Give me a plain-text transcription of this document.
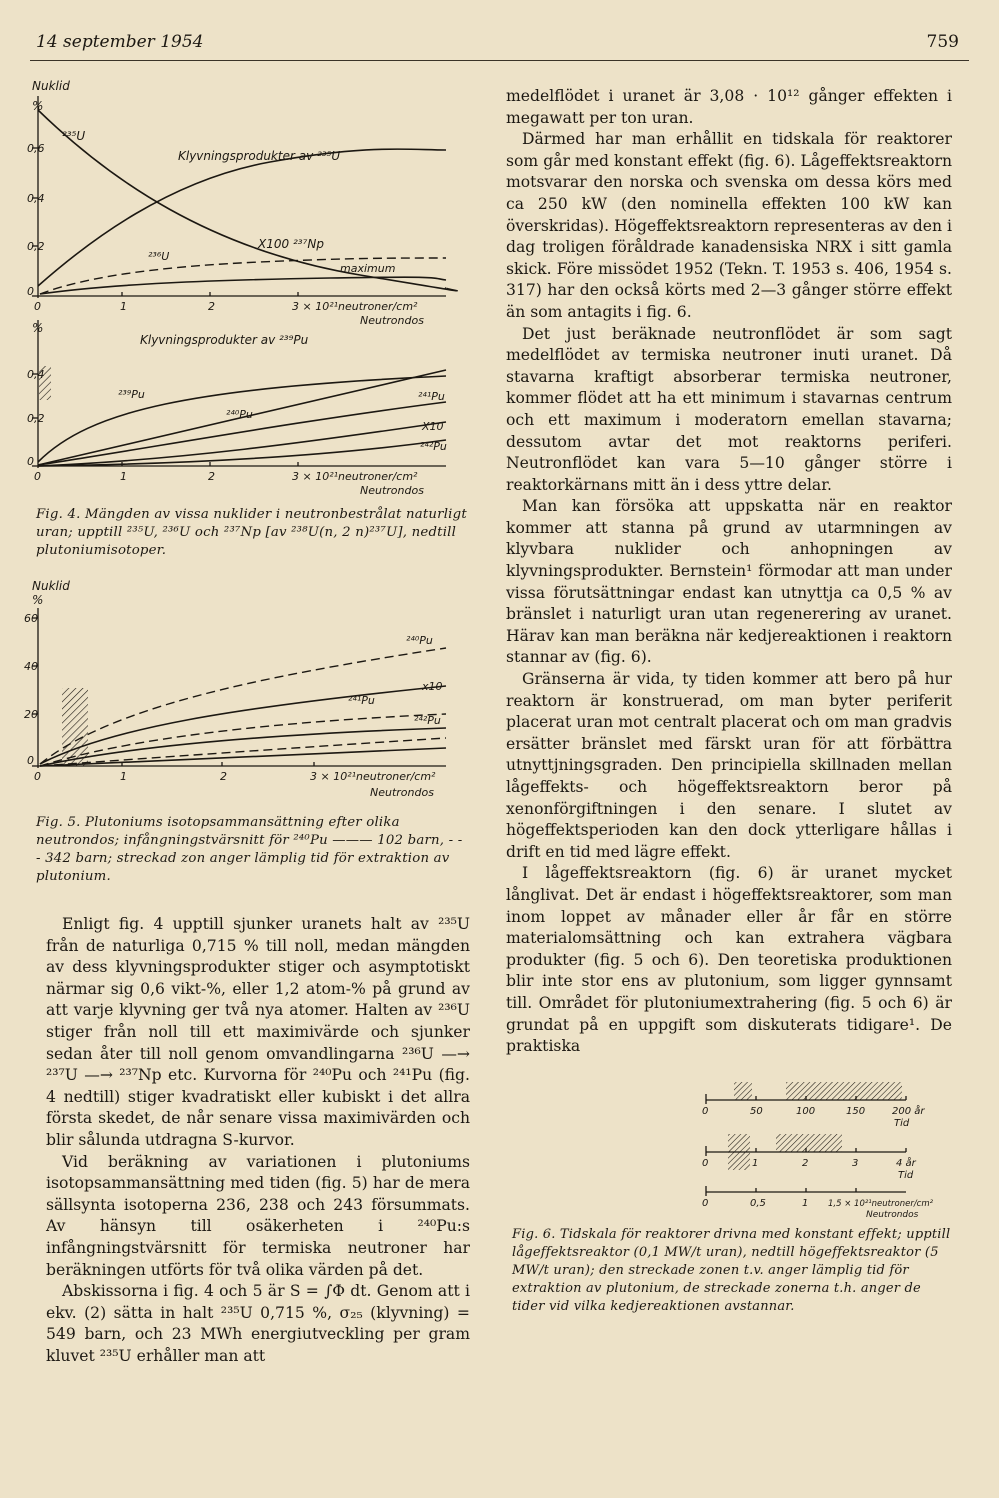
14 september 1954	759
Nuklid
%
0,6
0,4
0,2
0
0	1	2	3 × 10²¹neutroner/cm²
Neutrondos
²³⁵U
Klyvningsprodukter av ²³⁵U
²³⁶U
X100 ²³⁷Np
maximum
%
0,4
0,2
0
0	1	2	3 × 10²¹neutroner/cm²
Neutrondos
Klyvningsprodukter av ²³⁹Pu
²³⁹Pu
²⁴⁰Pu
²⁴¹Pu
X10
²⁴²Pu
Fig. 4. Mängden av vissa nuklider i neutronbestrålat naturligt uran; upptill ²³⁵U, ²³⁶U och ²³⁷Np [av ²³⁸U(n, 2 n)²³⁷U], nedtill plutoniumisotoper.
Nuklid
%
60
40
20
0
0	1	2	3 × 10²¹neutroner/cm²
Neutrondos
²⁴⁰Pu
x10
²⁴¹Pu
²⁴²Pu
Fig. 5. Plutoniums isotopsammansättning efter olika neutrondos; infångningstvärsnitt för ²⁴⁰Pu ——— 102 barn, - - - 342 barn; streckad zon anger lämplig tid för extraktion av plutonium.

Enligt fig. 4 upptill sjunker uranets halt av ²³⁵U från de naturliga 0,715 % till noll, medan mängden av dess klyvningsprodukter stiger och asymptotiskt närmar sig 0,6 vikt-%, eller 1,2 atom-% på grund av att varje klyvning ger två nya atomer. Halten av ²³⁶U stiger från noll till ett maximivärde och sjunker sedan åter till noll genom omvandlingarna ²³⁶U —→ ²³⁷U —→ ²³⁷Np etc. Kurvorna för ²⁴⁰Pu och ²⁴¹Pu (fig. 4 nedtill) stiger kvadratiskt eller kubiskt i det allra första skedet, de når senare vissa maximivärden och blir sålunda utdragna S-kurvor.

Vid beräkning av variationen i plutoniums isotopsammansättning med tiden (fig. 5) har de mera sällsynta isotoperna 236, 238 och 243 försummats. Av hänsyn till osäkerheten i ²⁴⁰Pu:s infångningstvärsnitt för termiska neutroner har beräkningen utförts för två olika värden på det.

Abskissorna i fig. 4 och 5 är S = ∫Φ dt. Genom att i ekv. (2) sätta in halt ²³⁵U 0,715 %, σ₂₅ (klyvning) = 549 barn, och 23 MWh energiutveckling per gram kluvet ²³⁵U erhåller man att

medelflödet i uranet är 3,08 · 10¹² gånger effekten i megawatt per ton uran.

Därmed har man erhållit en tidskala för reaktorer som går med konstant effekt (fig. 6). Lågeffektsreaktorn motsvarar den norska och svenska om dessa körs med ca 250 kW (den nominella effekten 100 kW kan överskridas). Högeffektsreaktorn representeras av den i dag troligen föråldrade kanadensiska NRX i sitt gamla skick. Före missödet 1952 (Tekn. T. 1953 s. 406, 1954 s. 317) har den också körts med 2—3 gånger större effekt än som antagits i fig. 6.

Det just beräknade neutronflödet är som sagt medelflödet av termiska neutroner inuti uranet. Då stavarna kraftigt absorberar termiska neutroner, kommer flödet att ha ett minimum i stavarnas centrum och ett maximum i moderatorn emellan stavarna; dessutom avtar det mot reaktorns periferi. Neutronflödet kan vara 5—10 gånger större i reaktorkärnans mitt än i dess yttre delar.

Man kan försöka att uppskatta när en reaktor kommer att stanna på grund av utarmningen av klyvbara nuklider och anhopningen av klyvningsprodukter. Bernstein¹ förmodar att man under vissa förutsättningar endast kan utnyttja ca 0,5 % av bränslet i naturligt uran utan regenerering av uranet. Härav kan man beräkna när kedjereaktionen i reaktorn stannar av (fig. 6).

Gränserna är vida, ty tiden kommer att bero på hur reaktorn är konstruerad, om man byter periferit placerat uran mot centralt placerat och om man gradvis ersätter bränslet med färskt uran för att förbättra utnyttjningsgraden. Den principiella skillnaden mellan lågeffekts- och högeffektsreaktorn beror på xenonförgiftningen i den senare. I slutet av högeffektsperioden kan den dock ytterligare hållas i drift en tid med lägre effekt.

I lågeffektsreaktorn (fig. 6) är uranet mycket långlivat. Det är endast i högeffektsreaktorer, som man inom loppet av månader eller år får en större materialomsättning och kan extrahera vägbara produkter (fig. 5 och 6). Den teoretiska produktionen blir inte stor ens av plutonium, som ligger gynnsamt till. Området för plutoniumextrahering (fig. 5 och 6) är grundat på en uppgift som diskuterats tidigare¹. De praktiska

0	50	100	150	200 år
Tid
0	1	2	3	4 år
Tid
0	0,5	1 1,5 × 10²¹neutroner/cm²
Neutrondos
Fig. 6. Tidskala för reaktorer drivna med konstant effekt; upptill lågeffektsreaktor (0,1 MW/t uran), nedtill högeffektsreaktor (5 MW/t uran); den streckade zonen t.v. anger lämplig tid för extraktion av plutonium, de streckade zonerna t.h. anger de tider vid vilka kedjereaktionen avstannar.
